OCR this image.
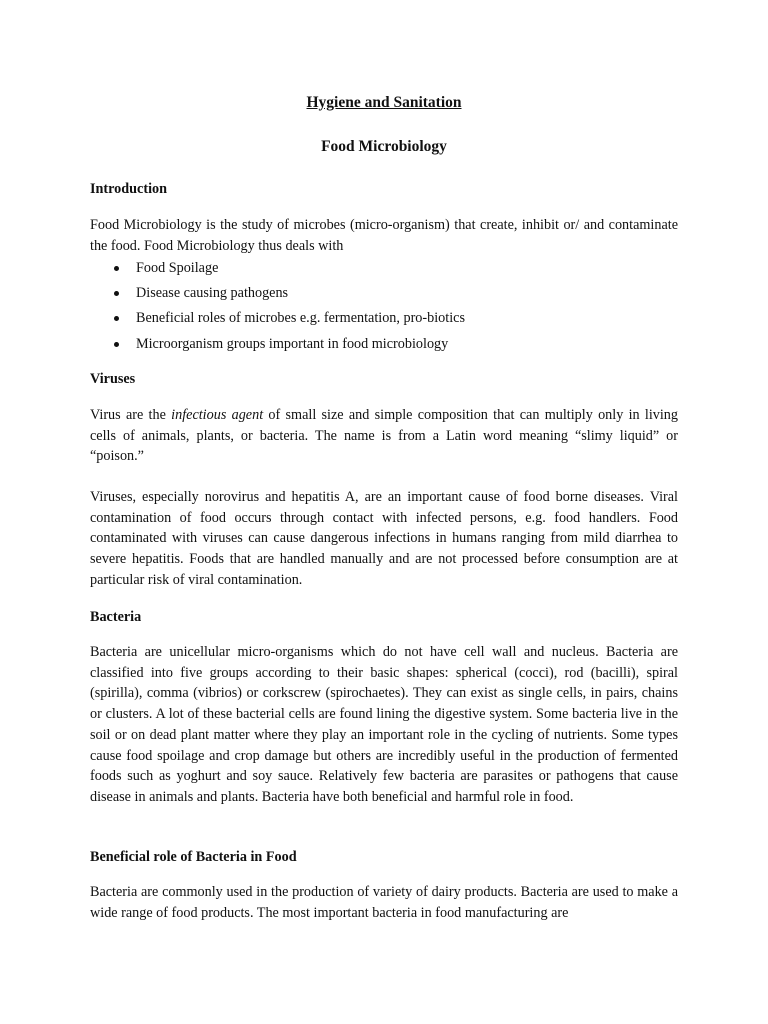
Hygiene and Sanitation
Food Microbiology
Introduction

Food Microbiology is the study of microbes (micro-organism) that create, inhibit or/ and contaminate the food. Food Microbiology thus deals with

Food Spoilage
Disease causing pathogens
Beneficial roles of microbes e.g. fermentation, pro-biotics
Microorganism groups important in food microbiology
Viruses

Virus are the infectious agent of small size and simple composition that can multiply only in living cells of animals, plants, or bacteria. The name is from a Latin word meaning “slimy liquid” or “poison.”

Viruses, especially norovirus and hepatitis A, are an important cause of food borne diseases. Viral contamination of food occurs through contact with infected persons, e.g. food handlers. Food contaminated with viruses can cause dangerous infections in humans ranging from mild diarrhea to severe hepatitis. Foods that are handled manually and are not processed before consumption are at particular risk of viral contamination.

Bacteria

Bacteria are unicellular micro-organisms which do not have cell wall and nucleus. Bacteria are classified into five groups according to their basic shapes: spherical (cocci), rod (bacilli), spiral (spirilla), comma (vibrios) or corkscrew (spirochaetes). They can exist as single cells, in pairs, chains or clusters. A lot of these bacterial cells are found lining the digestive system. Some bacteria live in the soil or on dead plant matter where they play an important role in the cycling of nutrients. Some types cause food spoilage and crop damage but others are incredibly useful in the production of fermented foods such as yoghurt and soy sauce. Relatively few bacteria are parasites or pathogens that cause disease in animals and plants. Bacteria have both beneficial and harmful role in food.

Beneficial role of Bacteria in Food

Bacteria are commonly used in the production of variety of dairy products. Bacteria are used to make a wide range of food products. The most important bacteria in food manufacturing are
